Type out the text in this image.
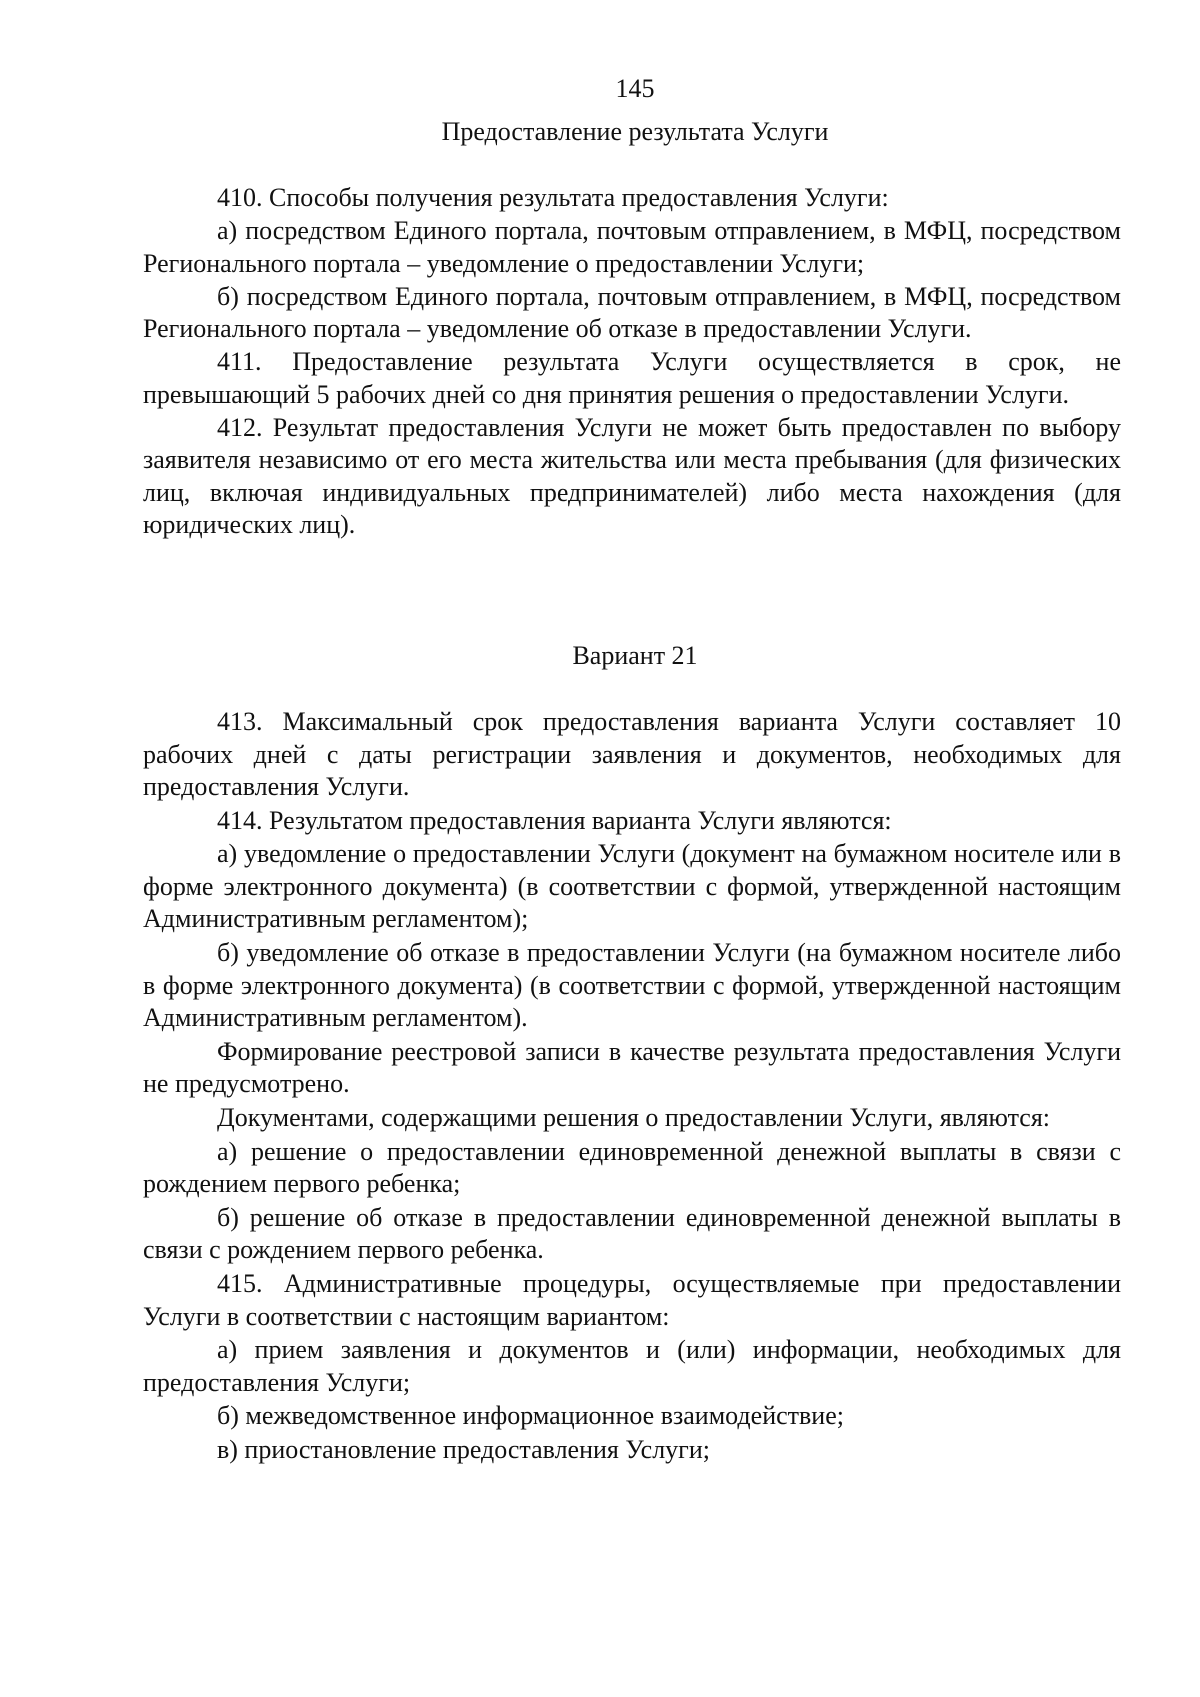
145
Предоставление результата Услуги

410. Способы получения результата предоставления Услуги:

а) посредством Единого портала, почтовым отправлением, в МФЦ, посредством Регионального портала – уведомление о предоставлении Услуги;

б) посредством Единого портала, почтовым отправлением, в МФЦ, посредством Регионального портала – уведомление об отказе в предоставлении Услуги.

411. Предоставление результата Услуги осуществляется в срок, не превышающий 5 рабочих дней со дня принятия решения о предоставлении Услуги.

412. Результат предоставления Услуги не может быть предоставлен по выбору заявителя независимо от его места жительства или места пребывания (для физических лиц, включая индивидуальных предпринимателей) либо места нахождения (для юридических лиц).

Вариант 21

413. Максимальный срок предоставления варианта Услуги составляет 10 рабочих дней с даты регистрации заявления и документов, необходимых для предоставления Услуги.

414. Результатом предоставления варианта Услуги являются:

а) уведомление о предоставлении Услуги (документ на бумажном носителе или в форме электронного документа) (в соответствии с формой, утвержденной настоящим Административным регламентом);

б) уведомление об отказе в предоставлении Услуги (на бумажном носителе либо в форме электронного документа) (в соответствии с формой, утвержденной настоящим Административным регламентом).

Формирование реестровой записи в качестве результата предоставления Услуги не предусмотрено.

Документами, содержащими решения о предоставлении Услуги, являются:

а) решение о предоставлении единовременной денежной выплаты в связи с рождением первого ребенка;

б) решение об отказе в предоставлении единовременной денежной выплаты в связи с рождением первого ребенка.

415. Административные процедуры, осуществляемые при предоставлении Услуги в соответствии с настоящим вариантом:

а) прием заявления и документов и (или) информации, необходимых для предоставления Услуги;

б) межведомственное информационное взаимодействие;

в) приостановление предоставления Услуги;
